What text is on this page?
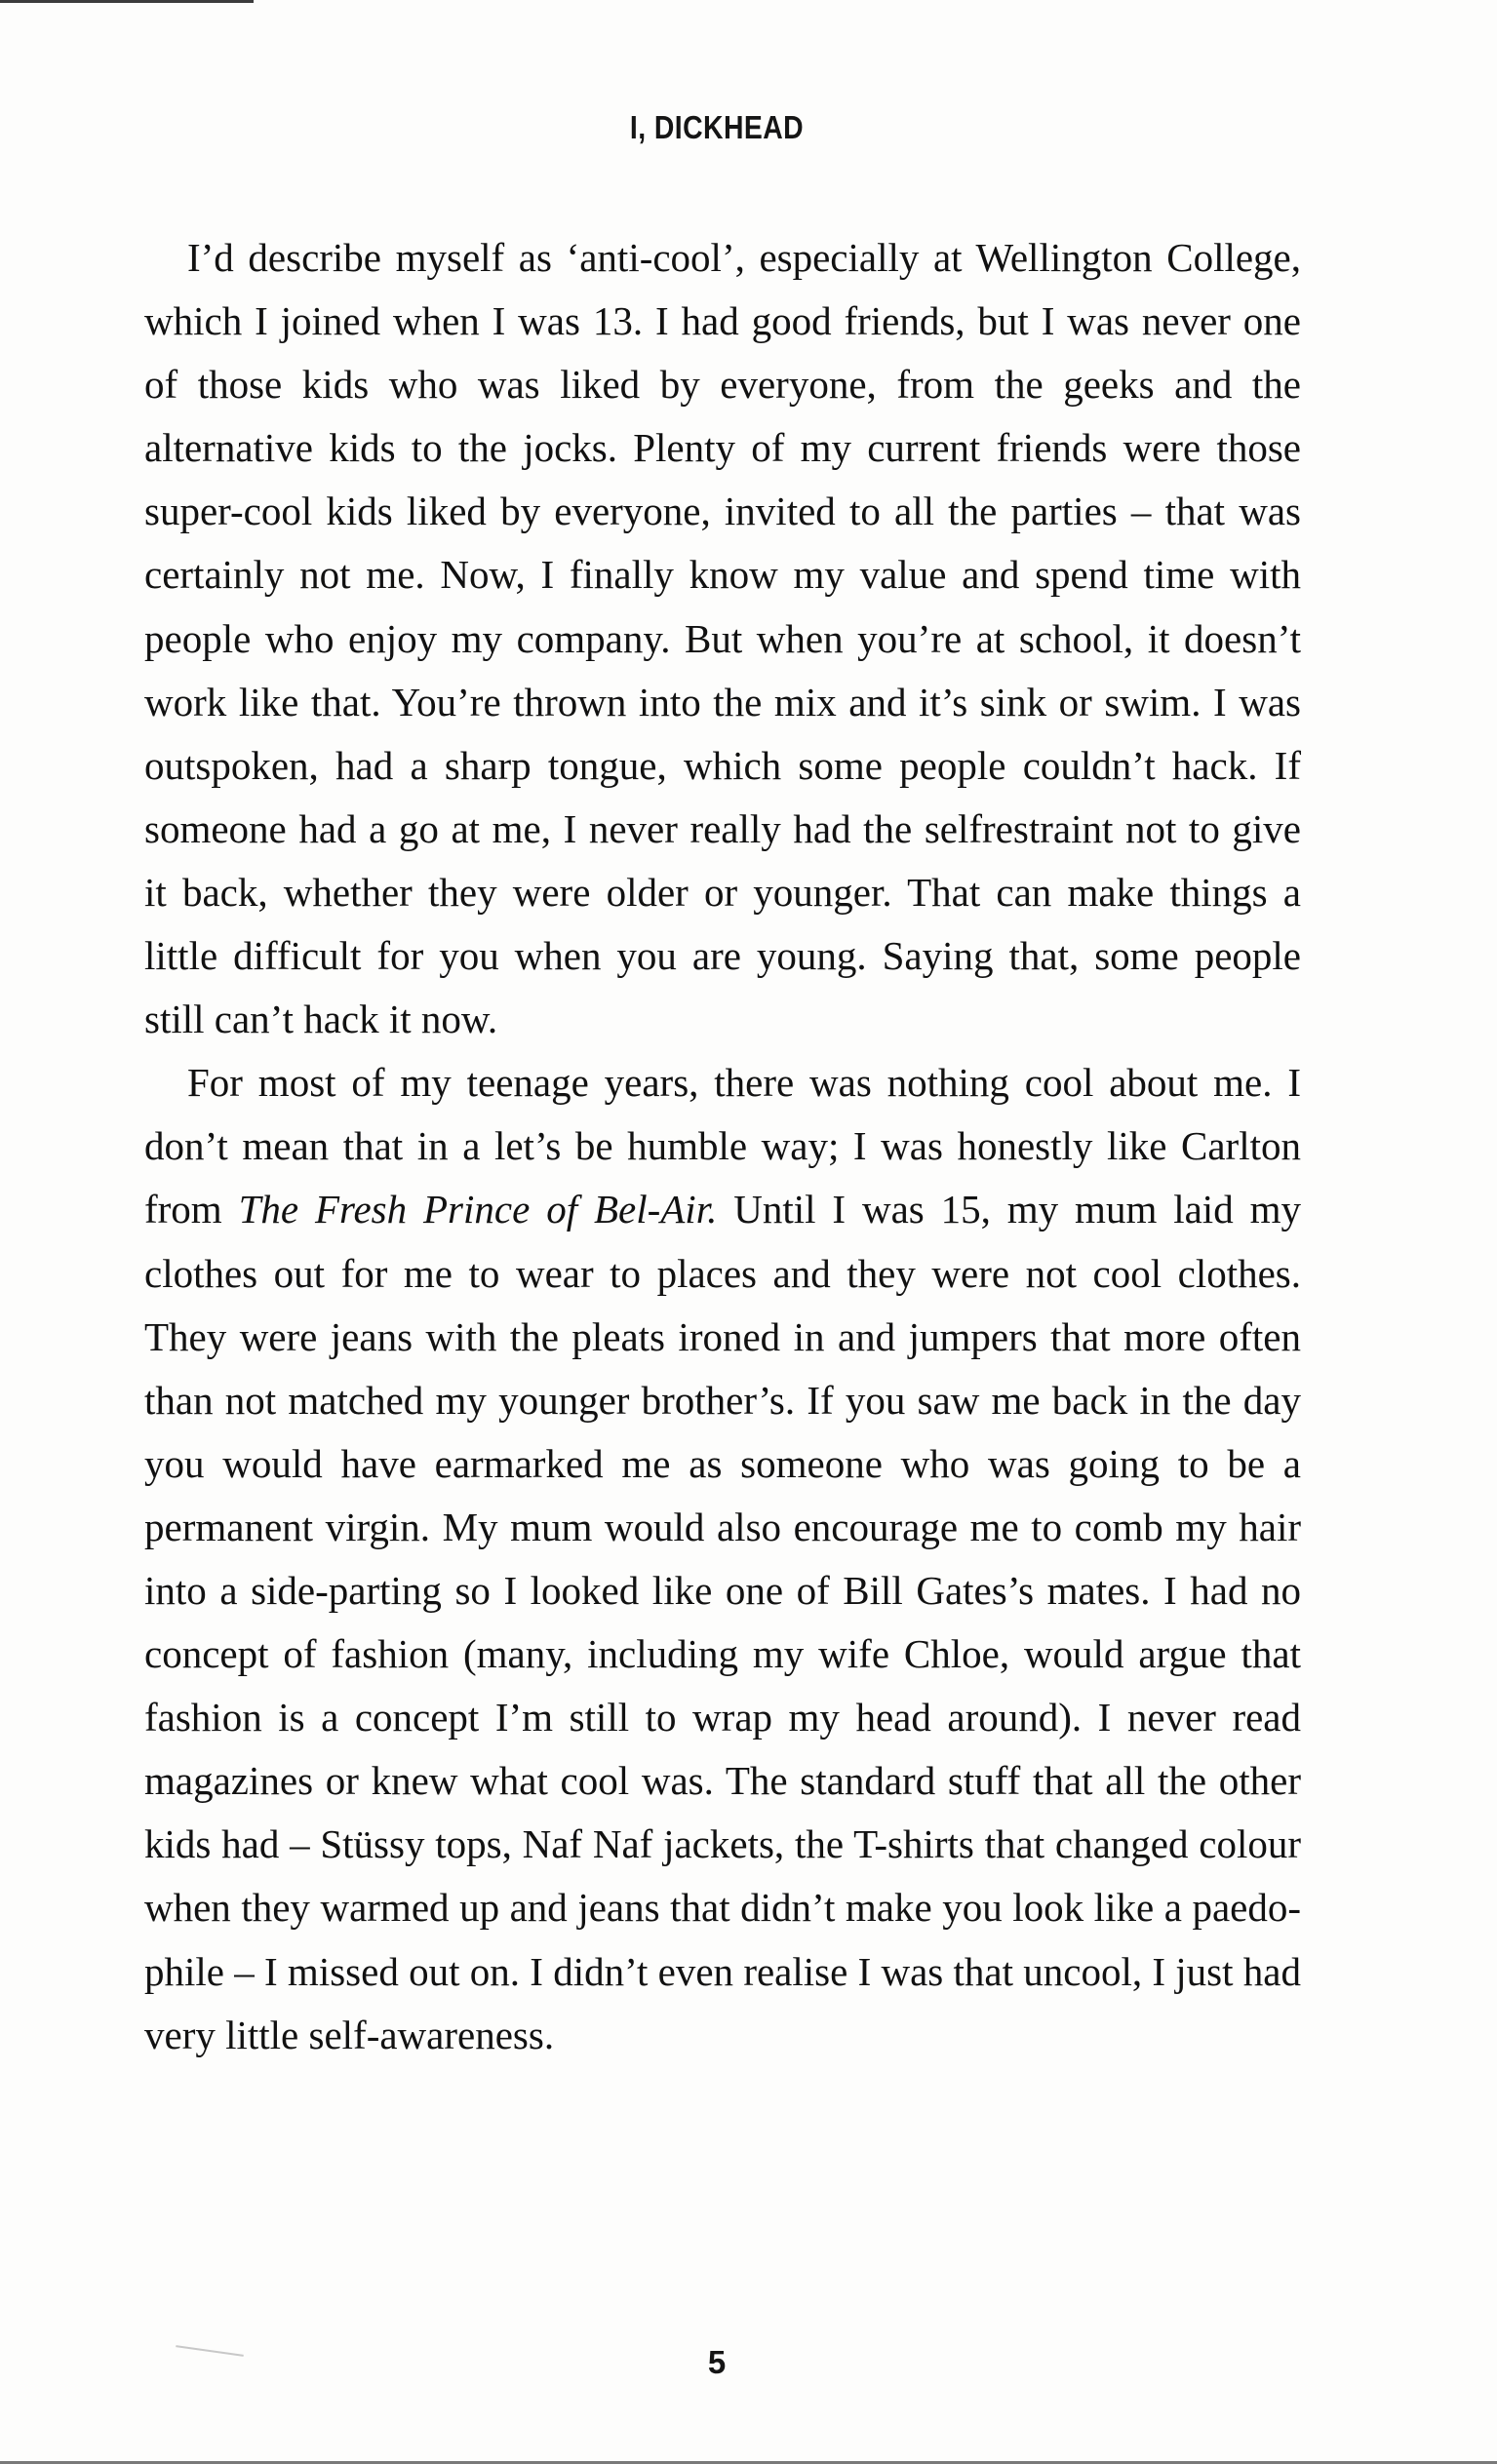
I, DICKHEAD

I’d describe myself as ‘anti-cool’, especially at Wellington College, which I joined when I was 13. I had good friends, but I was never one of those kids who was liked by everyone, from the geeks and the alternative kids to the jocks. Plenty of my current friends were those super-cool kids liked by everyone, invited to all the parties – that was certainly not me. Now, I finally know my value and spend time with people who enjoy my company. But when you’re at school, it doesn’t work like that. You’re thrown into the mix and it’s sink or swim. I was outspoken, had a sharp tongue, which some people couldn’t hack. If someone had a go at me, I never really had the selfrestraint not to give it back, whether they were older or younger. That can make things a little difficult for you when you are young. Saying that, some people still can’t hack it now.

For most of my teenage years, there was nothing cool about me. I don’t mean that in a let’s be humble way; I was honestly like Carlton from The Fresh Prince of Bel-Air. Until I was 15, my mum laid my clothes out for me to wear to places and they were not cool clothes. They were jeans with the pleats ironed in and jumpers that more often than not matched my younger brother’s. If you saw me back in the day you would have earmarked me as someone who was going to be a permanent virgin. My mum would also encourage me to comb my hair into a side-parting so I looked like one of Bill Gates’s mates. I had no concept of fashion (many, including my wife Chloe, would argue that fashion is a concept I’m still to wrap my head around). I never read magazines or knew what cool was. The standard stuff that all the other kids had – Stüssy tops, Naf Naf jackets, the T-shirts that changed colour when they warmed up and jeans that didn’t make you look like a paedophile – I missed out on. I didn’t even realise I was that uncool, I just had very little self-awareness.

5
